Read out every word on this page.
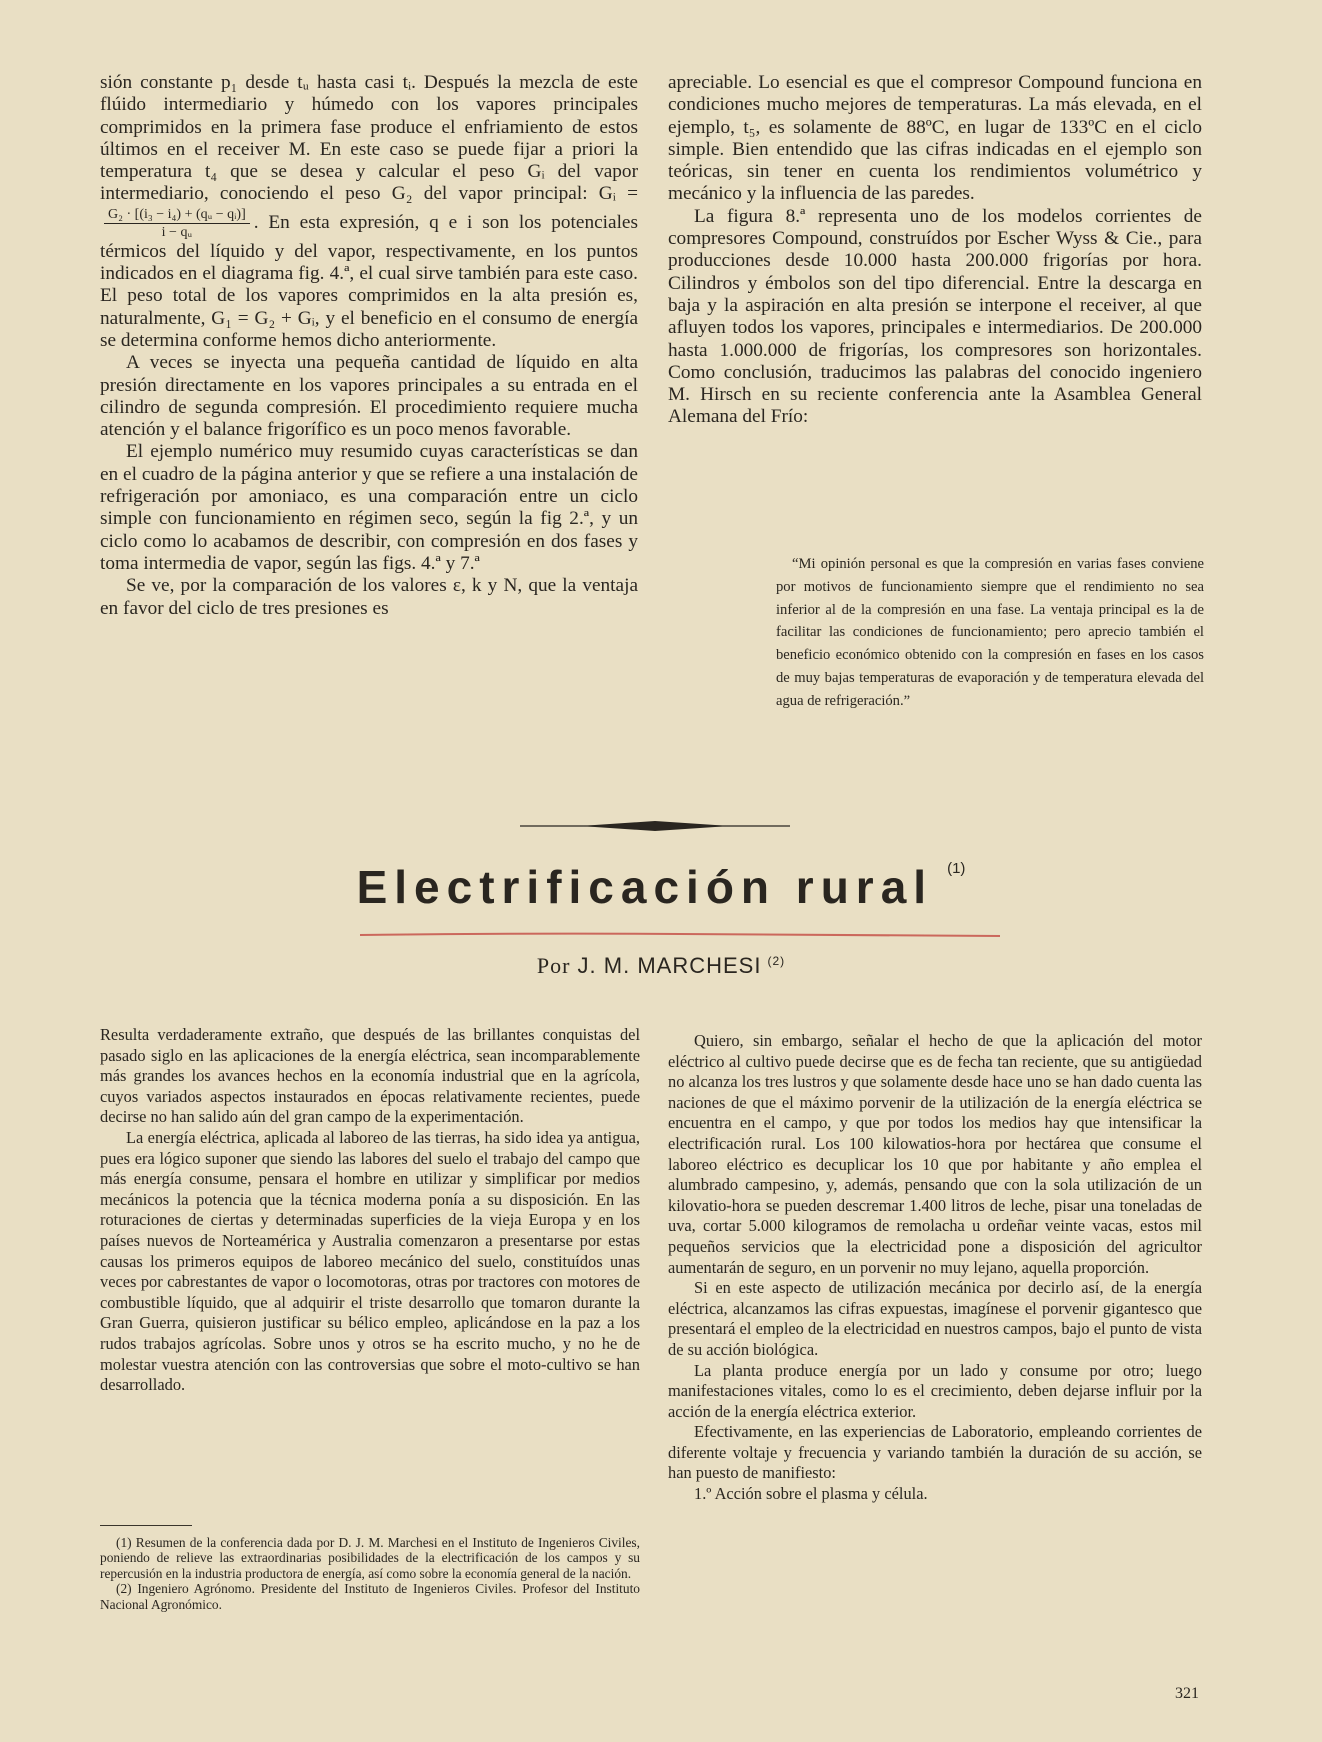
sión constante p₁ desde tᵤ hasta casi tᵢ. Después la mezcla de este flúido intermediario y húmedo con los vapores principales comprimidos en la primera fase produce el enfriamiento de estos últimos en el receiver M. En este caso se puede fijar a priori la temperatura t₄ que se desea y calcular el peso Gᵢ del vapor intermediario, conociendo el peso G₂ del vapor principal: Gᵢ =
$\frac{\text{G₂ · [(i₃ − i₄) + (qᵤ − qᵢ)]}}{\text{i − qᵤ}}$ . En esta expresión, q e i son los potenciales térmicos del líquido y del vapor, respectivamente, en los puntos indicados en el diagrama fig. 4.ª, el cual sirve también para este caso. El peso total de los vapores comprimidos en la alta presión es, naturalmente, G₁ = G₂ + Gᵢ, y el beneficio en el consumo de energía se determina conforme hemos dicho anteriormente.

A veces se inyecta una pequeña cantidad de líquido en alta presión directamente en los vapores principales a su entrada en el cilindro de segunda compresión. El procedimiento requiere mucha atención y el balance frigorífico es un poco menos favorable.

El ejemplo numérico muy resumido cuyas características se dan en el cuadro de la página anterior y que se refiere a una instalación de refrigeración por amoniaco, es una comparación entre un ciclo simple con funcionamiento en régimen seco, según la fig 2.ª, y un ciclo como lo acabamos de describir, con compresión en dos fases y toma intermedia de vapor, según las figs. 4.ª y 7.ª

Se ve, por la comparación de los valores ε, k y N, que la ventaja en favor del ciclo de tres presiones es

apreciable. Lo esencial es que el compresor Compound funciona en condiciones mucho mejores de temperaturas. La más elevada, en el ejemplo, t₅, es solamente de 88ºC, en lugar de 133ºC en el ciclo simple. Bien entendido que las cifras indicadas en el ejemplo son teóricas, sin tener en cuenta los rendimientos volumétrico y mecánico y la influencia de las paredes.

La figura 8.ª representa uno de los modelos corrientes de compresores Compound, construídos por Escher Wyss & Cie., para producciones desde 10.000 hasta 200.000 frigorías por hora. Cilindros y émbolos son del tipo diferencial. Entre la descarga en baja y la aspiración en alta presión se interpone el receiver, al que afluyen todos los vapores, principales e intermediarios. De 200.000 hasta 1.000.000 de frigorías, los compresores son horizontales. Como conclusión, traducimos las palabras del conocido ingeniero M. Hirsch en su reciente conferencia ante la Asamblea General Alemana del Frío:

“Mi opinión personal es que la compresión en varias fases conviene por motivos de funcionamiento siempre que el rendimiento no sea inferior al de la compresión en una fase. La ventaja principal es la de facilitar las condiciones de funcionamiento; pero aprecio también el beneficio económico obtenido con la compresión en fases en los casos de muy bajas temperaturas de evaporación y de temperatura elevada del agua de refrigeración.”

Electrificación rural $^{(1)}$
Por J. M. MARCHESI $^{(2)}$

Resulta verdaderamente extraño, que después de las brillantes conquistas del pasado siglo en las aplicaciones de la energía eléctrica, sean incomparablemente más grandes los avances hechos en la economía industrial que en la agrícola, cuyos variados aspectos instaurados en épocas relativamente recientes, puede decirse no han salido aún del gran campo de la experimentación.

La energía eléctrica, aplicada al laboreo de las tierras, ha sido idea ya antigua, pues era lógico suponer que siendo las labores del suelo el trabajo del campo que más energía consume, pensara el hombre en utilizar y simplificar por medios mecánicos la potencia que la técnica moderna ponía a su disposición. En las roturaciones de ciertas y determinadas superficies de la vieja Europa y en los países nuevos de Norteamérica y Australia comenzaron a presentarse por estas causas los primeros equipos de laboreo mecánico del suelo, constituídos unas veces por cabrestantes de vapor o locomotoras, otras por tractores con motores de combustible líquido, que al adquirir el triste desarrollo que tomaron durante la Gran Guerra, quisieron justificar su bélico empleo, aplicándose en la paz a los rudos trabajos agrícolas. Sobre unos y otros se ha escrito mucho, y no he de molestar vuestra atención con las controversias que sobre el moto-cultivo se han desarrollado.

(1) Resumen de la conferencia dada por D. J. M. Marchesi en el Instituto de Ingenieros Civiles, poniendo de relieve las extraordinarias posibilidades de la electrificación de los campos y su repercusión en la industria productora de energía, así como sobre la economía general de la nación.

(2) Ingeniero Agrónomo. Presidente del Instituto de Ingenieros Civiles. Profesor del Instituto Nacional Agronómico.

Quiero, sin embargo, señalar el hecho de que la aplicación del motor eléctrico al cultivo puede decirse que es de fecha tan reciente, que su antigüedad no alcanza los tres lustros y que solamente desde hace uno se han dado cuenta las naciones de que el máximo porvenir de la utilización de la energía eléctrica se encuentra en el campo, y que por todos los medios hay que intensificar la electrificación rural. Los 100 kilowatios-hora por hectárea que consume el laboreo eléctrico es decuplicar los 10 que por habitante y año emplea el alumbrado campesino, y, además, pensando que con la sola utilización de un kilovatio-hora se pueden descremar 1.400 litros de leche, pisar una toneladas de uva, cortar 5.000 kilogramos de remolacha u ordeñar veinte vacas, estos mil pequeños servicios que la electricidad pone a disposición del agricultor aumentarán de seguro, en un porvenir no muy lejano, aquella proporción.

Si en este aspecto de utilización mecánica por decirlo así, de la energía eléctrica, alcanzamos las cifras expuestas, imagínese el porvenir gigantesco que presentará el empleo de la electricidad en nuestros campos, bajo el punto de vista de su acción biológica.

La planta produce energía por un lado y consume por otro; luego manifestaciones vitales, como lo es el crecimiento, deben dejarse influir por la acción de la energía eléctrica exterior.

Efectivamente, en las experiencias de Laboratorio, empleando corrientes de diferente voltaje y frecuencia y variando también la duración de su acción, se han puesto de manifiesto:

1.º Acción sobre el plasma y célula.

321
